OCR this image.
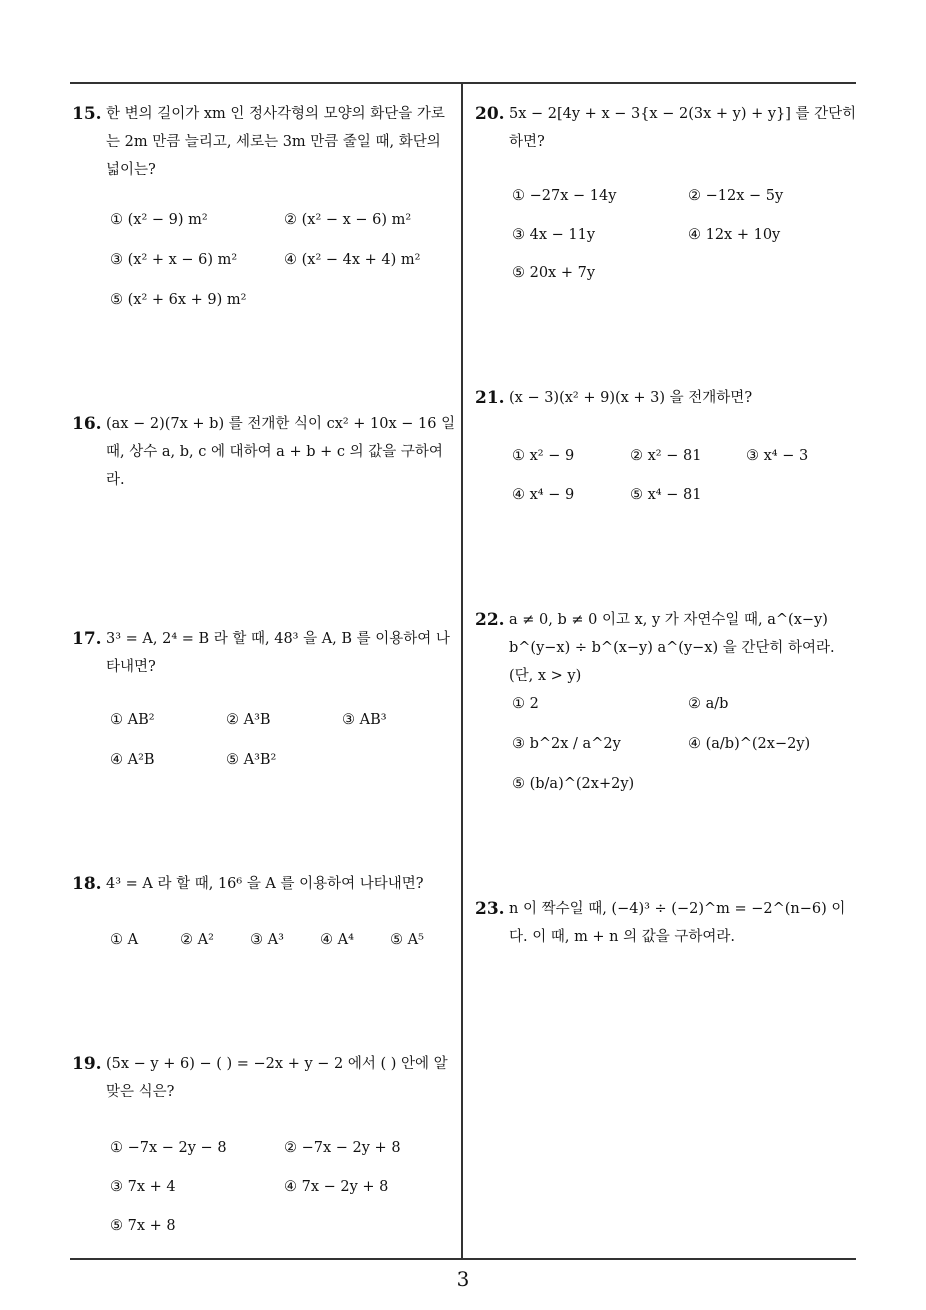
15. 한 변의 길이가 xm 인 정사각형의 모양의 화단을 가로는 2m 만큼 늘리고, 세로는 3m 만큼 줄일 때, 화단의 넓이는?
① (x² − 9) m²	② (x² − x − 6) m²
③ (x² + x − 6) m²	④ (x² − 4x + 4) m²
⑤ (x² + 6x + 9) m²
16. (ax − 2)(7x + b) 를 전개한 식이 cx² + 10x − 16 일 때, 상수 a, b, c 에 대하여 a + b + c 의 값을 구하여라.
17. 3³ = A, 2⁴ = B 라 할 때, 48³ 을 A, B 를 이용하여 나타내면?
① AB²	② A³B	③ AB³
④ A²B	⑤ A³B²
18. 4³ = A 라 할 때, 16⁶ 을 A 를 이용하여 나타내면?
① A	② A² ③ A³ ④ A⁴ ⑤ A⁵
19. (5x − y + 6) − ( ) = −2x + y − 2 에서 ( ) 안에 알맞은 식은?
① −7x − 2y − 8	② −7x − 2y + 8
③ 7x + 4	④ 7x − 2y + 8
⑤ 7x + 8
20. 5x − 2[4y + x − 3{x − 2(3x + y) + y}] 를 간단히 하면?
① −27x − 14y	② −12x − 5y
③ 4x − 11y	④ 12x + 10y
⑤ 20x + 7y
21. (x − 3)(x² + 9)(x + 3) 을 전개하면?
① x² − 9	② x² − 81	③ x⁴ − 3
④ x⁴ − 9	⑤ x⁴ − 81
22. a ≠ 0, b ≠ 0 이고 x, y 가 자연수일 때, a^(x−y) b^(y−x) ÷ b^(x−y) a^(y−x) 을 간단히 하여라. (단, x > y)
① 2	② a/b
③ b^2x / a^2y	④ (a/b)^(2x−2y)
⑤ (b/a)^(2x+2y)
23. n 이 짝수일 때, (−4)³ ÷ (−2)^m = −2^(n−6) 이다. 이 때, m + n 의 값을 구하여라.
3
